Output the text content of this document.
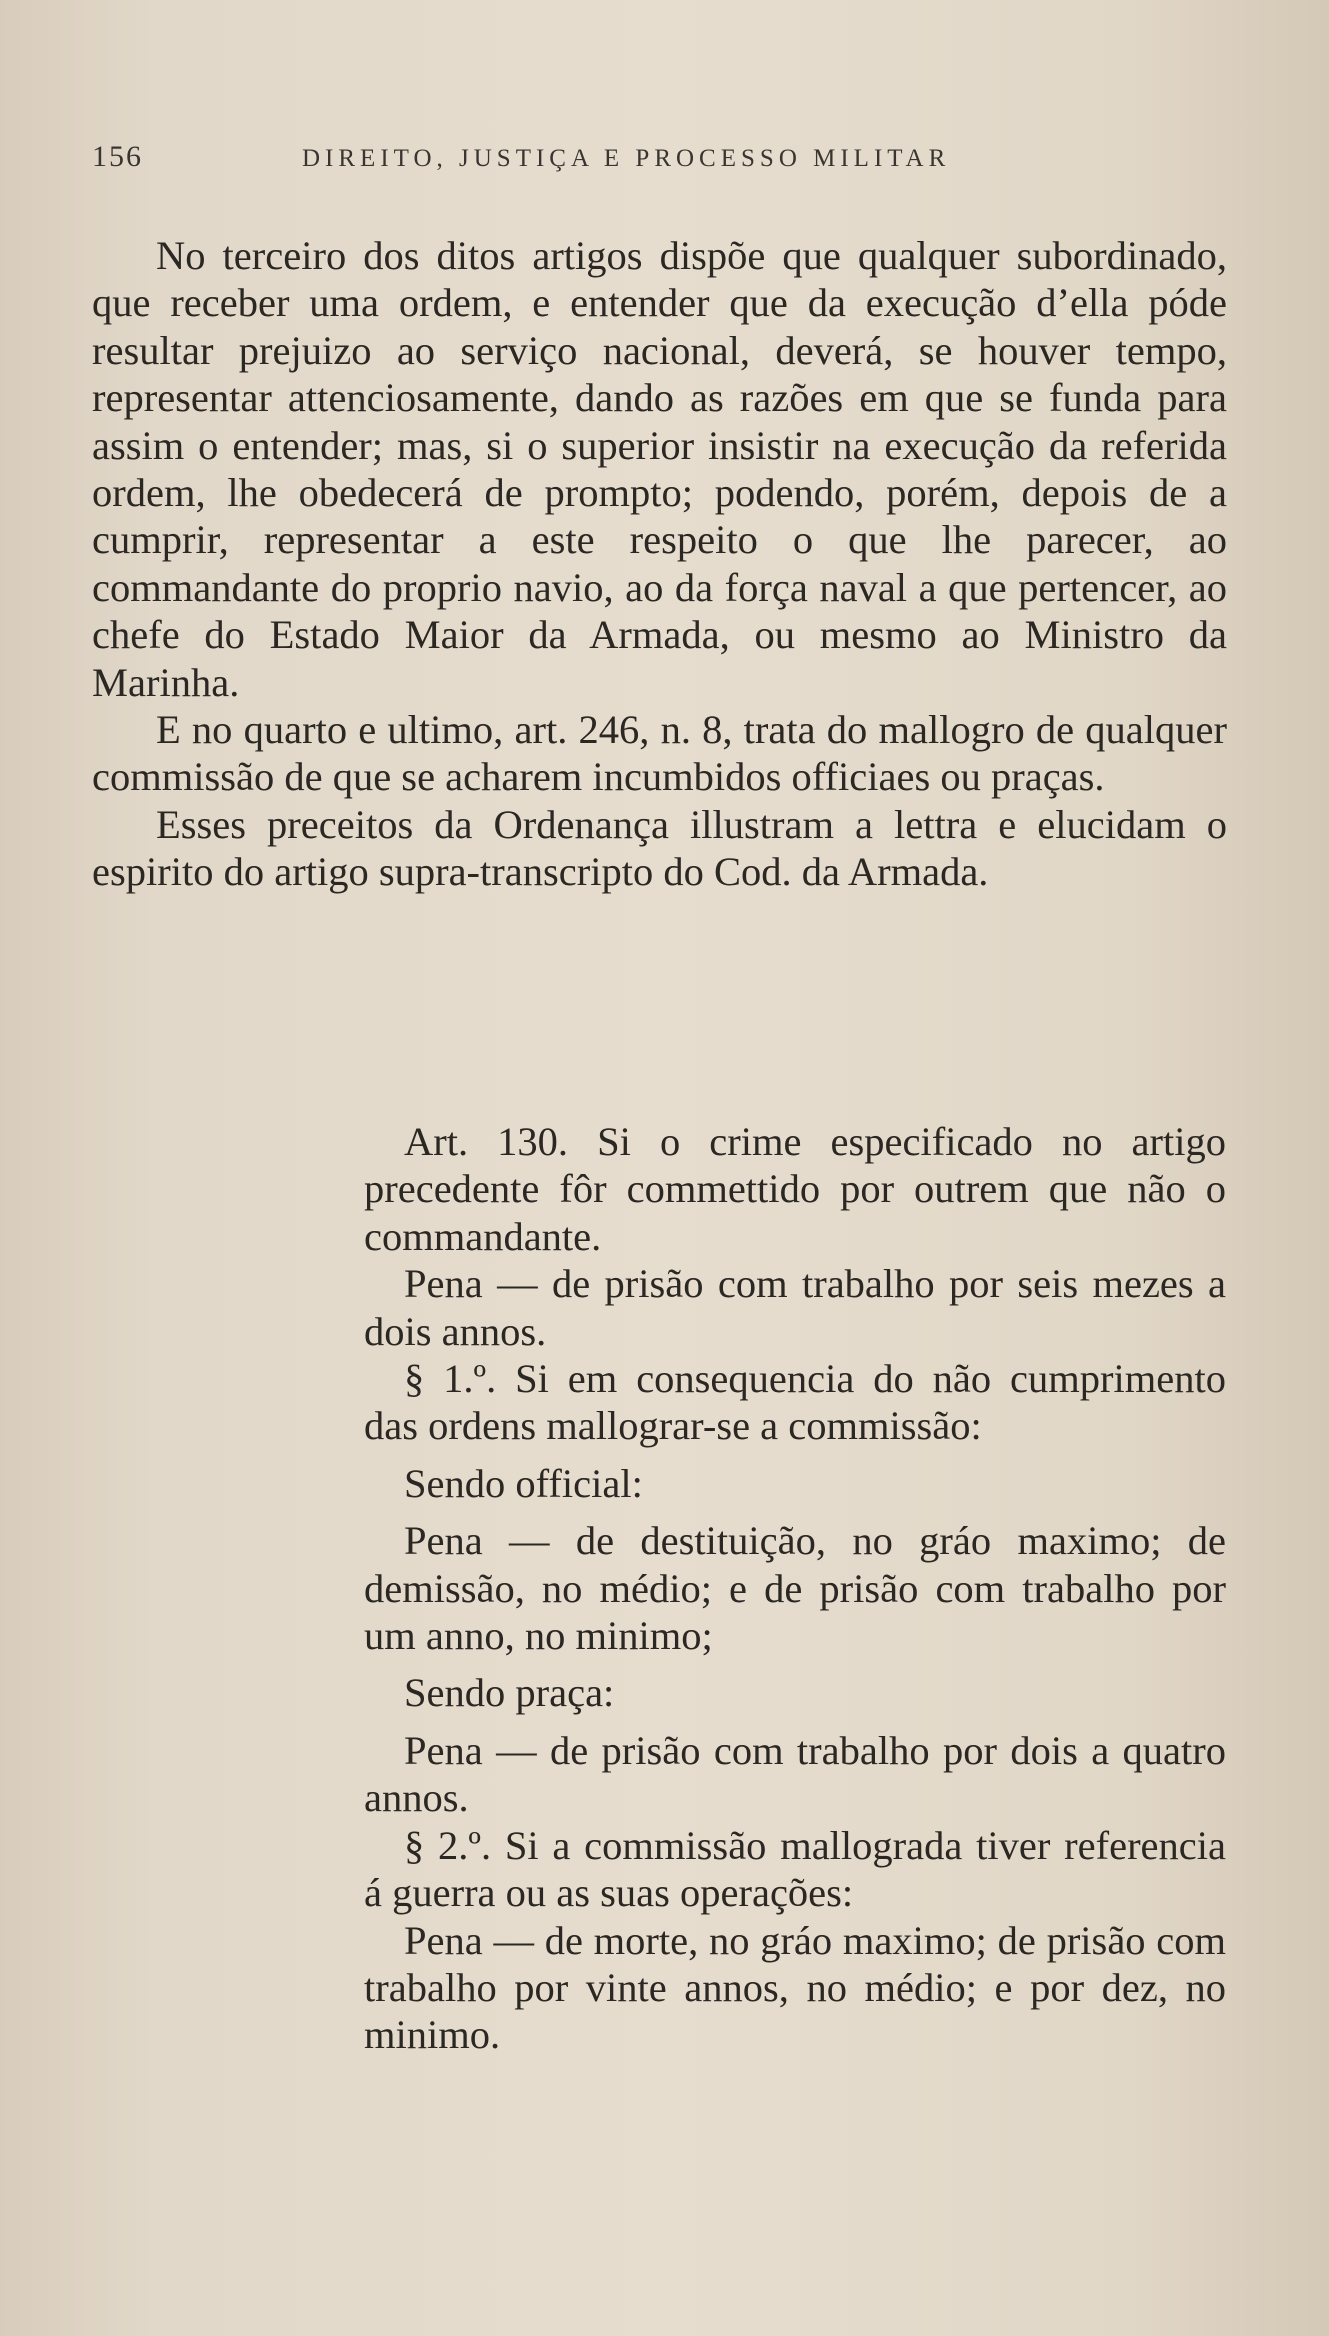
156	DIREITO, JUSTIÇA E PROCESSO MILITAR

No terceiro dos ditos artigos dispõe que qualquer subordinado, que receber uma ordem, e entender que da execução d’ella póde resultar prejuizo ao serviço nacional, deverá, se houver tempo, representar attenciosamente, dando as razões em que se funda para assim o entender; mas, si o superior insistir na execução da referida ordem, lhe obedecerá de prompto; podendo, porém, depois de a cumprir, representar a este respeito o que lhe parecer, ao commandante do proprio navio, ao da força naval a que pertencer, ao chefe do Estado Maior da Armada, ou mesmo ao Ministro da Marinha.

E no quarto e ultimo, art. 246, n. 8, trata do mallogro de qualquer commissão de que se acharem incumbidos officiaes ou praças.

Esses preceitos da Ordenança illustram a lettra e elucidam o espirito do artigo supra-transcripto do Cod. da Armada.

Art. 130. Si o crime especificado no artigo precedente fôr commettido por outrem que não o commandante.

Pena — de prisão com trabalho por seis mezes a dois annos.

§ 1.º. Si em consequencia do não cumprimento das ordens mallograr-se a commissão:

Sendo official:

Pena — de destituição, no gráo maximo; de demissão, no médio; e de prisão com trabalho por um anno, no minimo;

Sendo praça:

Pena — de prisão com trabalho por dois a quatro annos.

§ 2.º. Si a commissão mallograda tiver referencia á guerra ou as suas operações:

Pena — de morte, no gráo maximo; de prisão com trabalho por vinte annos, no médio; e por dez, no minimo.
